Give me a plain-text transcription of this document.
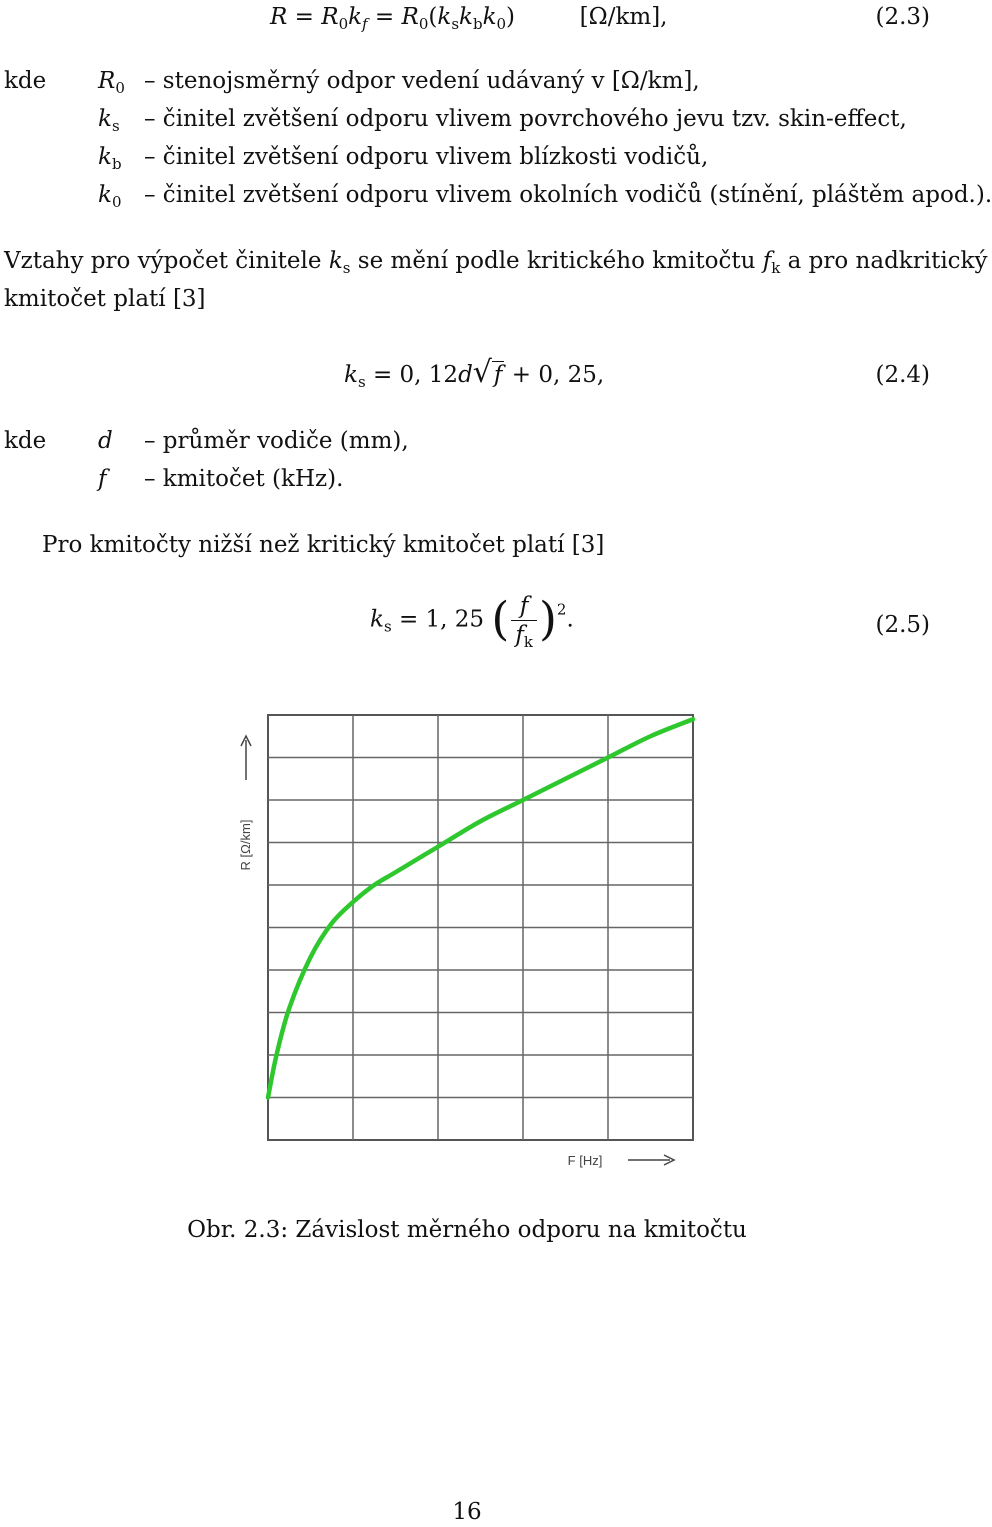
$R = R_0k_f = R_0(k_sk_bk_0)$  [Ω/km],	(2.3)
kde $R_0$ – stenojsměrný odpor vedení udávaný v [Ω/km],
$k_s$ – činitel zvětšení odporu vlivem povrchového jevu tzv. skin-effect,
$k_b$ – činitel zvětšení odporu vlivem blízkosti vodičů,
$k_0$ – činitel zvětšení odporu vlivem okolních vodičů (stínění, pláštěm apod.).
Vztahy pro výpočet činitele $k_s$ se mění podle kritického kmitočtu $f_k$ a pro nadkritický
kmitočet platí [3]
$k_s = 0$, 12d√f + 0, 25,	(2.4)
kde d – průměr vodiče (mm),
f – kmitočet (kHz).
Pro kmitočty nižší než kritický kmitočet platí [3]
$k_s = 1$, 25 ( $\frac{f}{f_k} )^2$.	(2.5)
R [Ω/km]
F [Hz]
Obr. 2.3: Závislost měrného odporu na kmitočtu
16
